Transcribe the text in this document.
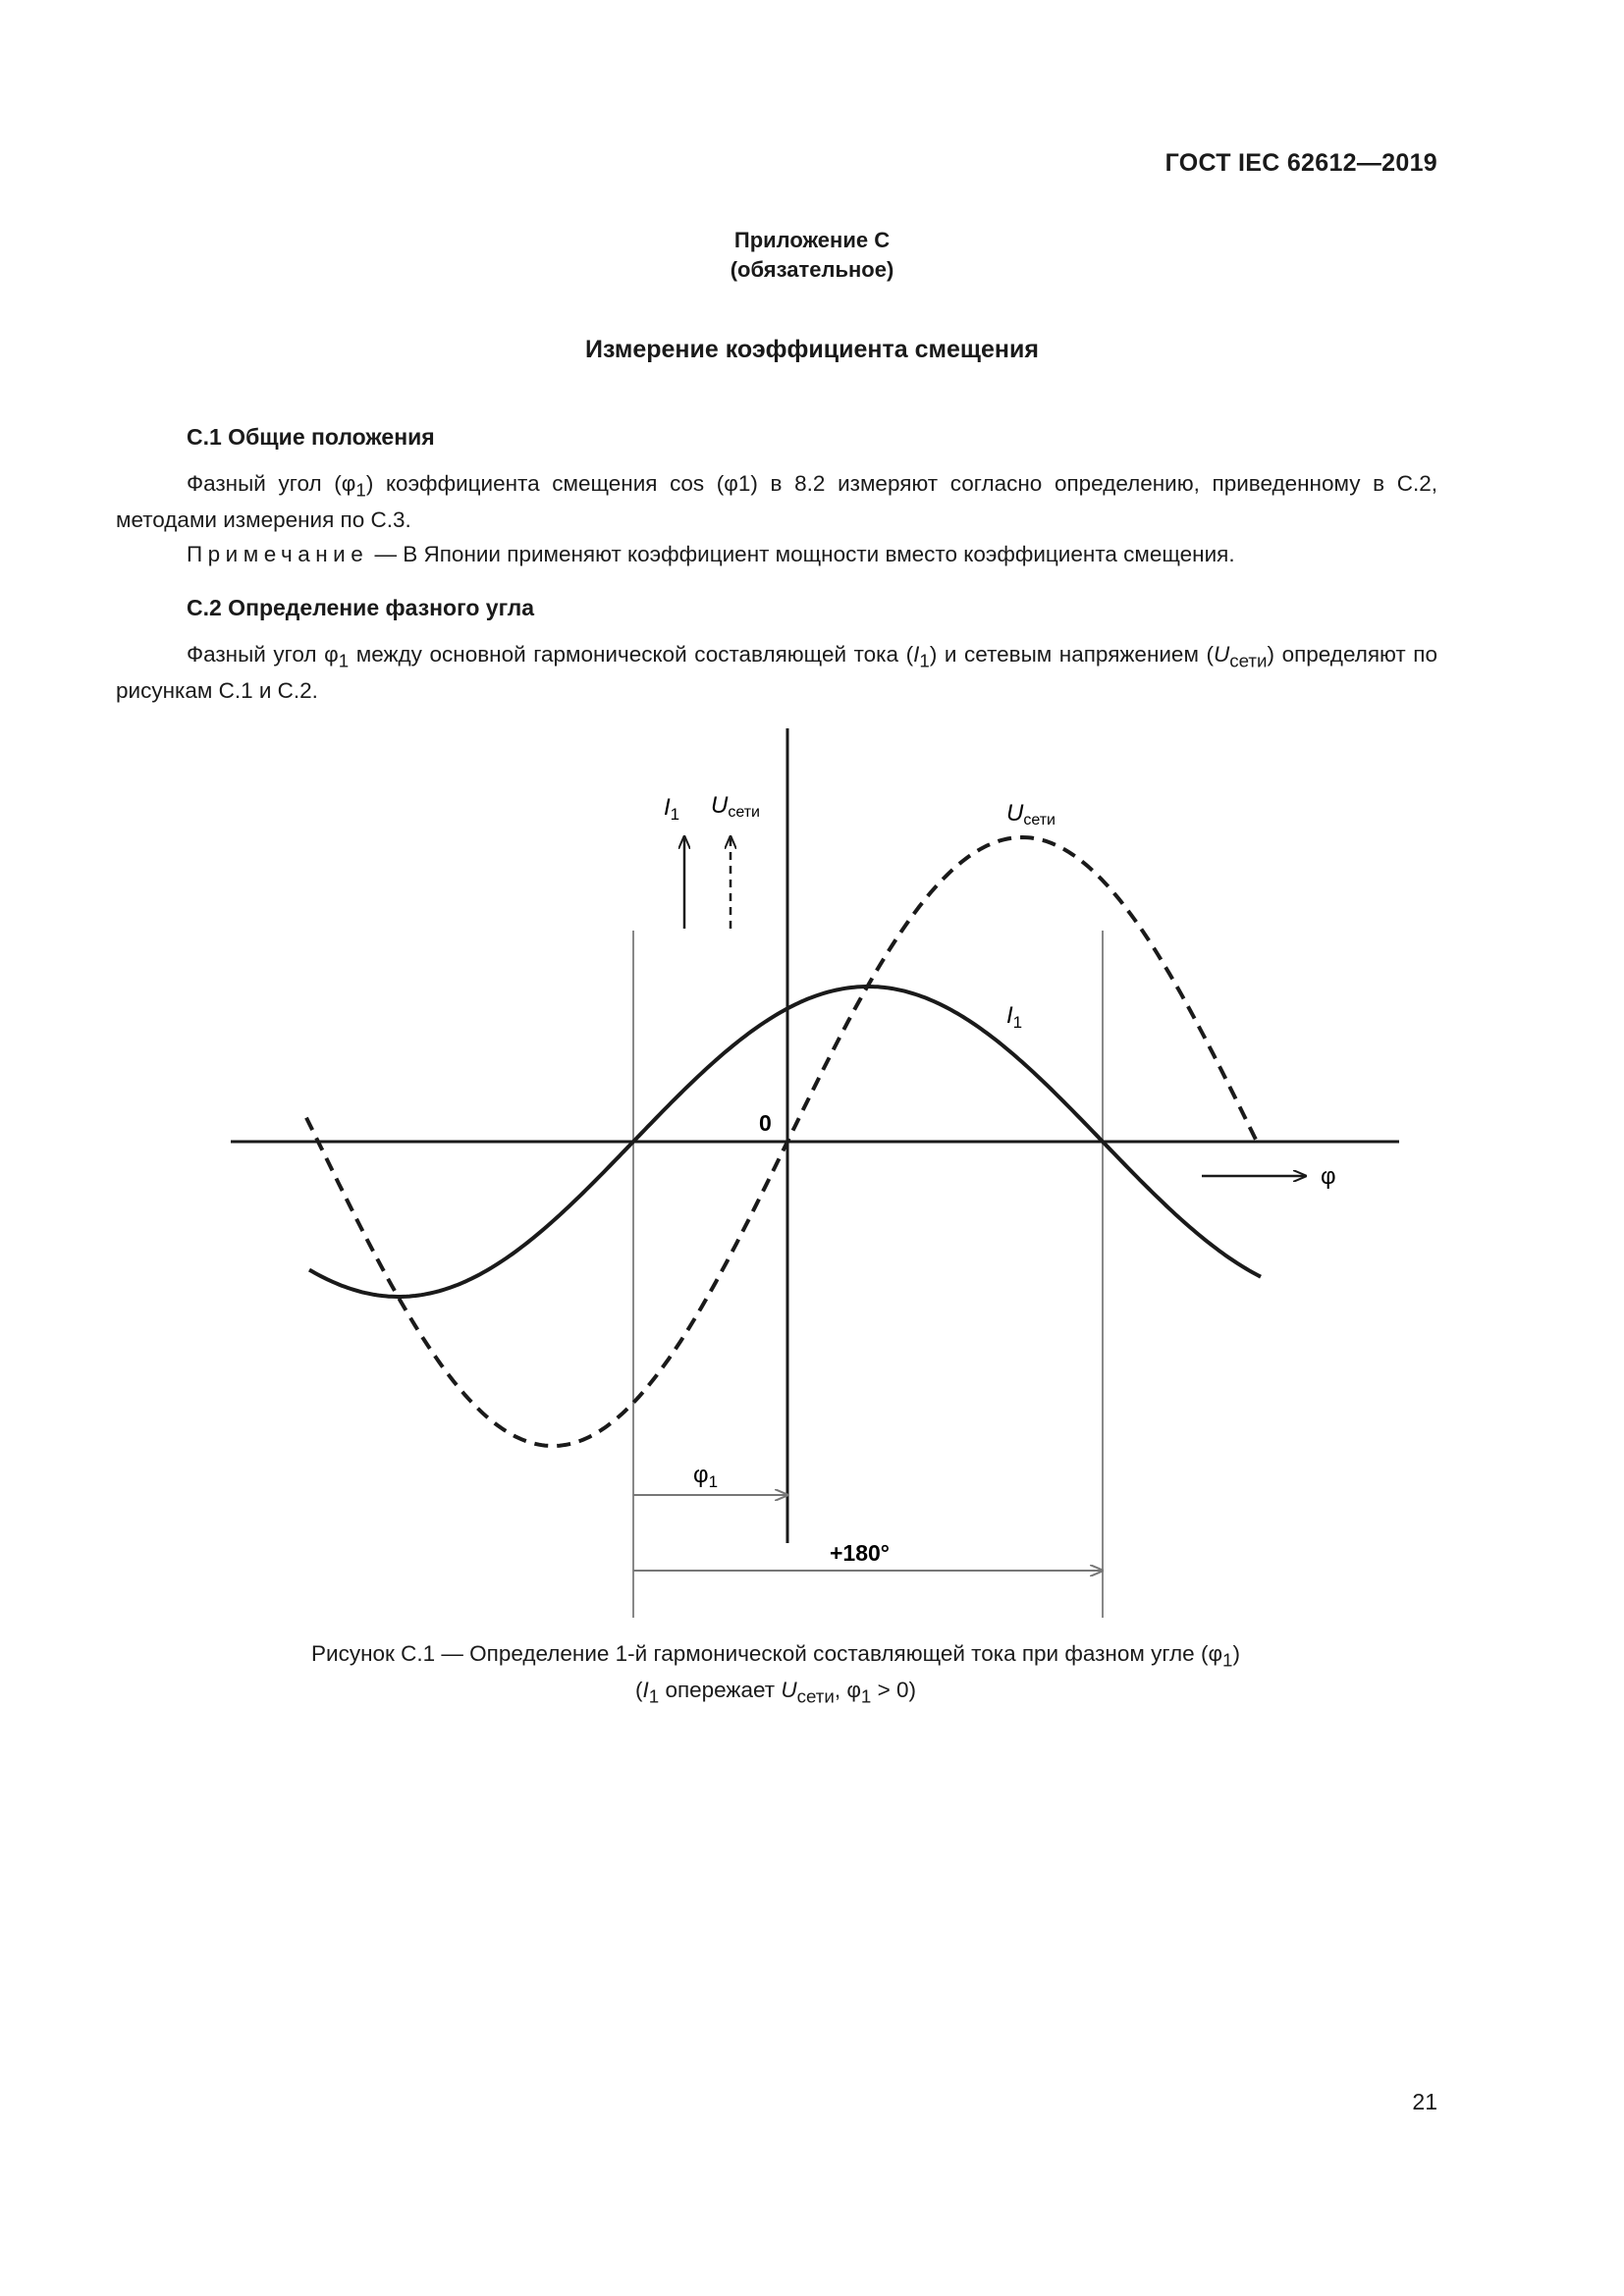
ГОСТ IEC 62612—2019
Приложение С
(обязательное)
Измерение коэффициента смещения
С.1 Общие положения
Фазный угол $(\varphi_1)$ коэффициента смещения cos (φ1) в 8.2 измеряют согласно определению, приведенному в С.2, методами измерения по С.3.
Примечание — В Японии применяют коэффициент мощности вместо коэффициента смещения.
С.2 Определение фазного угла
Фазный угол $\varphi_1$ между основной гармонической составляющей тока $(I_1)$ и сетевым напряжением $(U_{сети})$ определяют по рисункам С.1 и С.2.
$I_1$ Uсети	Uсети
$I_1$
0
φ
$\varphi_1$
+180°
Рисунок С.1 — Определение 1-й гармонической составляющей тока при фазном угле $(\varphi_1)$
($I_1$ опережает $U_{сети}$, $\varphi_1 > 0$)
21
